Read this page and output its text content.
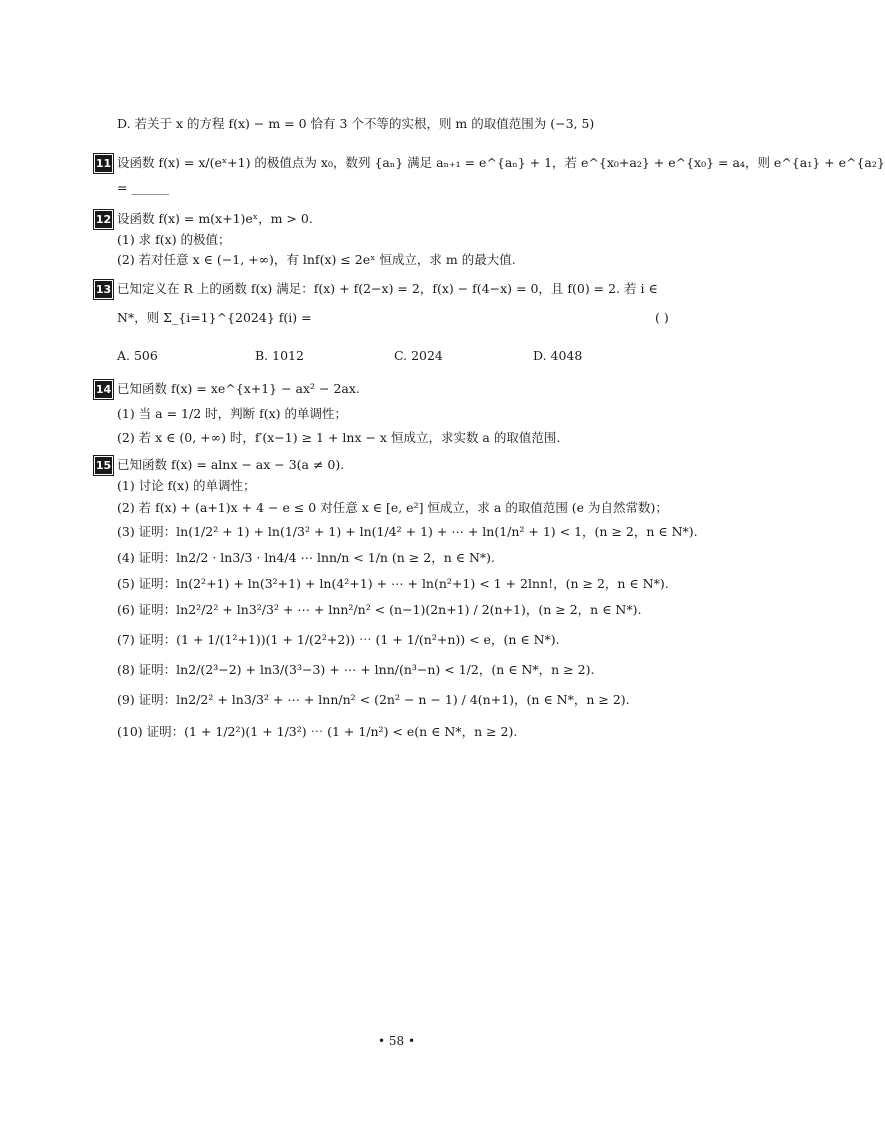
D. 若关于 x 的方程 f(x) − m = 0 恰有 3 个不等的实根，则 m 的取值范围为 (−3, 5)
11 设函数 f(x) = x/(eˣ+1) 的极值点为 x₀，数列 {aₙ} 满足 aₙ₊₁ = e^{aₙ} + 1，若 e^{x₀+a₂} + e^{x₀} = a₄，则 e^{a₁} + e^{a₂}
= ______
12 设函数 f(x) = m(x+1)eˣ，m > 0.
(1) 求 f(x) 的极值；
(2) 若对任意 x ∈ (−1, +∞)，有 lnf(x) ≤ 2eˣ 恒成立，求 m 的最大值.
13 已知定义在 R 上的函数 f(x) 满足：f(x) + f(2−x) = 2，f(x) − f(4−x) = 0，且 f(0) = 2. 若 i ∈
N*，则 Σ_{i=1}^{2024} f(i) =	( )
A. 506	B. 1012	C. 2024	D. 4048
14 已知函数 f(x) = xe^{x+1} − ax² − 2ax.
(1) 当 a = 1/2 时，判断 f(x) 的单调性；
(2) 若 x ∈ (0, +∞) 时，f′(x−1) ≥ 1 + lnx − x 恒成立，求实数 a 的取值范围.
15 已知函数 f(x) = alnx − ax − 3(a ≠ 0).
(1) 讨论 f(x) 的单调性；
(2) 若 f(x) + (a+1)x + 4 − e ≤ 0 对任意 x ∈ [e, e²] 恒成立，求 a 的取值范围 (e 为自然常数)；
(3) 证明：ln(1/2² + 1) + ln(1/3² + 1) + ln(1/4² + 1) + ⋯ + ln(1/n² + 1) < 1，(n ≥ 2，n ∈ N*).
(4) 证明：ln2/2 · ln3/3 · ln4/4 ⋯ lnn/n < 1/n (n ≥ 2，n ∈ N*).
(5) 证明：ln(2²+1) + ln(3²+1) + ln(4²+1) + ⋯ + ln(n²+1) < 1 + 2lnn!，(n ≥ 2，n ∈ N*).
(6) 证明：ln2²/2² + ln3²/3² + ⋯ + lnn²/n² < (n−1)(2n+1) / 2(n+1)，(n ≥ 2，n ∈ N*).
(7) 证明：(1 + 1/(1²+1))(1 + 1/(2²+2)) ⋯ (1 + 1/(n²+n)) < e，(n ∈ N*).
(8) 证明：ln2/(2³−2) + ln3/(3³−3) + ⋯ + lnn/(n³−n) < 1/2，(n ∈ N*，n ≥ 2).
(9) 证明：ln2/2² + ln3/3² + ⋯ + lnn/n² < (2n² − n − 1) / 4(n+1)，(n ∈ N*，n ≥ 2).
(10) 证明：(1 + 1/2²)(1 + 1/3²) ⋯ (1 + 1/n²) < e(n ∈ N*，n ≥ 2).
• 58 •
